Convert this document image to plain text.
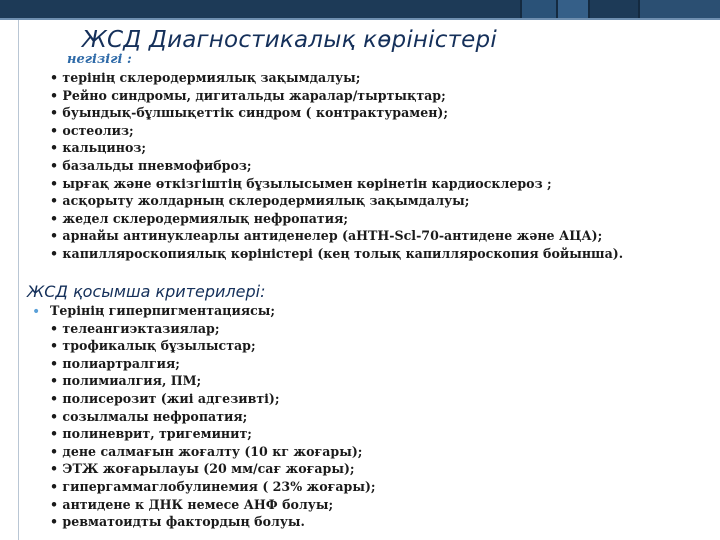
ЖСД Диагностикалық көріністері
негізігі :
• терінің склеродермиялық зақымдалуы;
• Рейно синдромы, дигитальды жаралар/тыртықтар;
• буындық-бұлшықеттік синдром ( контрактурамен);
• остеолиз;
• кальциноз;
• базальды пневмофиброз;
• ырғақ және өткізгіштің бұзылысымен көрінетін кардиосклероз ;
• асқорыту жолдарның склеродермиялық зақымдалуы;
• жедел склеродермиялық нефропатия;
• арнайы антинуклеарлы антиденелер (аНТН-Scl-70-антидене және АЦА);
• капилляроскопиялық көріністері (кең толық капилляроскопия бойынша).
ЖСД қосымша критерилері:
• Терінің гиперпигментациясы;
• телеангиэктазиялар;
• трофикалық бұзылыстар;
• полиартралгия;
• полимиалгия, ПМ;
• полисерозит (жиі адгезивті);
• созылмалы нефропатия;
• полиневрит, тригеминит;
• дене салмағын жоғалту (10 кг жоғары);
• ЭТЖ жоғарылауы (20 мм/сағ жоғары);
• гипергаммаглобулинемия ( 23% жоғары);
• антидене к ДНК немесе АНФ болуы;
• ревматоидты фактордың болуы.
